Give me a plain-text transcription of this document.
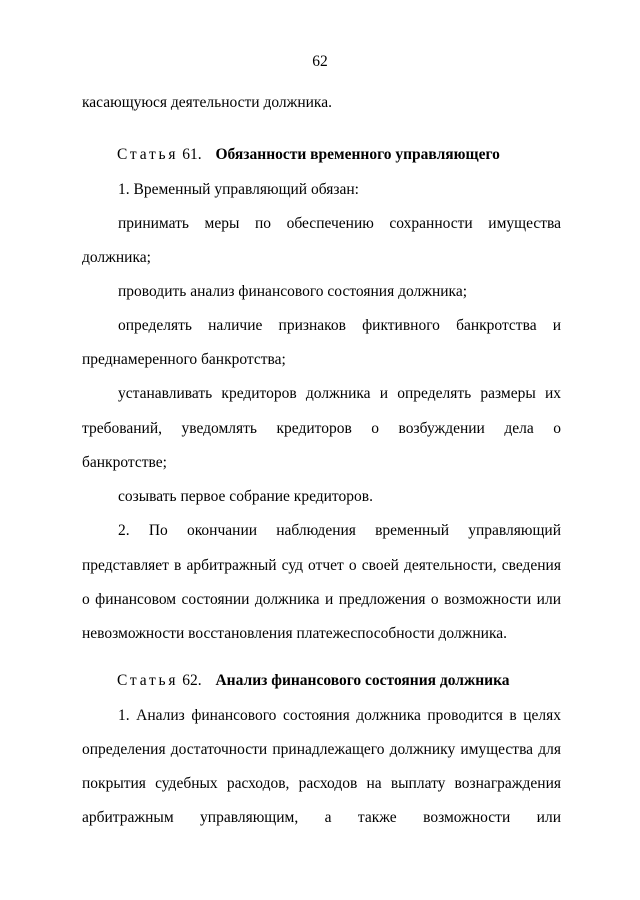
62
касающуюся деятельности должника.
Статья 61. Обязанности временного управляющего
1. Временный управляющий обязан:
принимать меры по обеспечению сохранности имущества
должника;
проводить анализ финансового состояния должника;
определять наличие признаков фиктивного банкротства и
преднамеренного банкротства;
устанавливать кредиторов должника и определять размеры их
требований, уведомлять кредиторов о возбуждении дела о
банкротстве;
созывать первое собрание кредиторов.
2. По окончании наблюдения временный управляющий
представляет в арбитражный суд отчет о своей деятельности, сведения
о финансовом состоянии должника и предложения о возможности или
невозможности восстановления платежеспособности должника.
Статья 62. Анализ финансового состояния должника
1. Анализ финансового состояния должника проводится в целях
определения достаточности принадлежащего должнику имущества для
покрытия судебных расходов, расходов на выплату вознаграждения
арбитражным управляющим, а также возможности или
